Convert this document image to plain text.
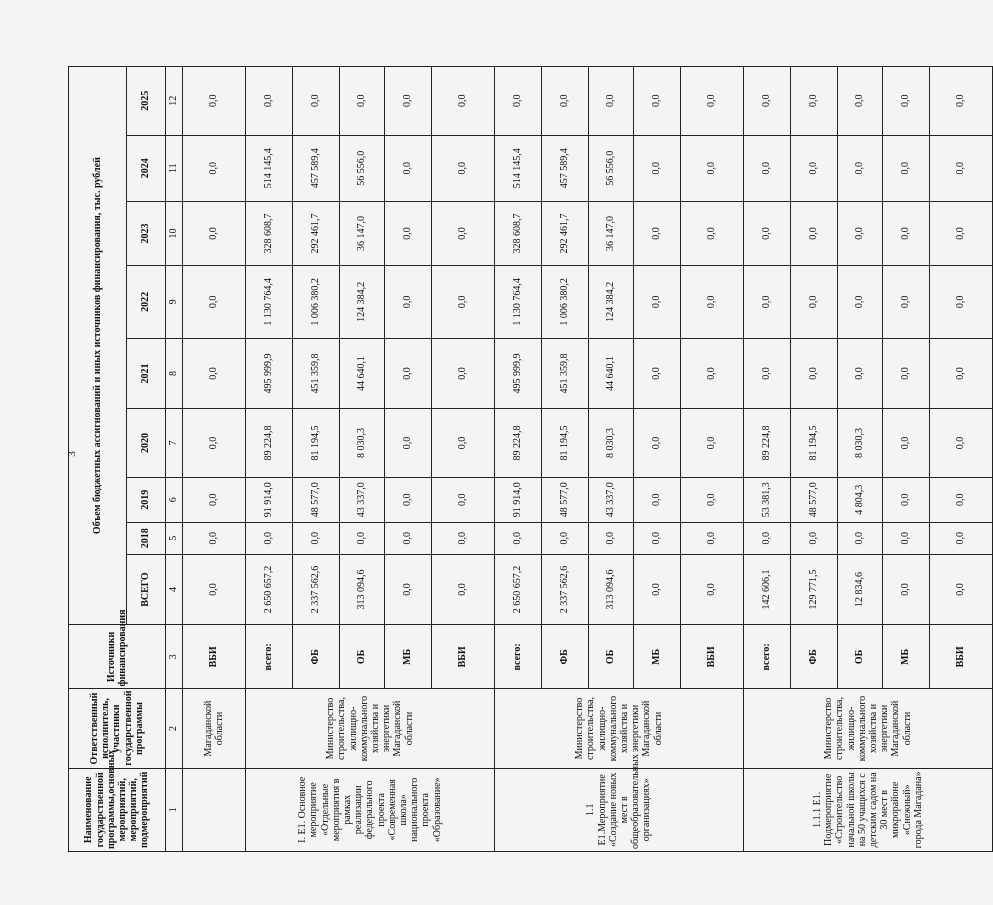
3
Наименование государственной программы,основных мероприятий, мероприятий, подмероприятий	Ответственный исполнитель, участники государственной программы	Источники финансирования	Объем бюджетных ассигнований и иных источников финансирования, тыс. рублей								
			ВСЕГО	2018	2019	2020	2021	2022	2023	2024	2025
1	2	3	4	5	6	7	8	9	10	11	12
	Магаданской области	ВБИ	0,0	0,0	0,0	0,0	0,0	0,0	0,0	0,0	0,0
I. E1. Основное мероприятие «Отдельные мероприятия в рамках реализации федерального проекта «Современная школа» национального проекта «Образование»	Министерство строительства, жилищно-коммунального хозяйства и энергетики Магаданской области	всего:	2 650 657,2	0,0	91 914,0	89 224,8	495 999,9	1 130 764,4	328 608,7	514 145,4	0,0
		ФБ	2 337 562,6	0,0	48 577,0	81 194,5	451 359,8	1 006 380,2	292 461,7	457 589,4	0,0
		ОБ	313 094,6	0,0	43 337,0	8 030,3	44 640,1	124 384,2	36 147,0	56 556,0	0,0
		МБ	0,0	0,0	0,0	0,0	0,0	0,0	0,0	0,0	0,0
		ВБИ	0,0	0,0	0,0	0,0	0,0	0,0	0,0	0,0	0,0
1.1 E1.Мероприятие «Создание новых мест в общеобразовательных организациях»	Министерство строительства, жилищно-коммунального хозяйства и энергетики Магаданской области	всего:	2 650 657,2	0,0	91 914,0	89 224,8	495 999,9	1 130 764,4	328 608,7	514 145,4	0,0
		ФБ	2 337 562,6	0,0	48 577,0	81 194,5	451 359,8	1 006 380,2	292 461,7	457 589,4	0,0
		ОБ	313 094,6	0,0	43 337,0	8 030,3	44 640,1	124 384,2	36 147,0	56 556,0	0,0
		МБ	0,0	0,0	0,0	0,0	0,0	0,0	0,0	0,0	0,0
		ВБИ	0,0	0,0	0,0	0,0	0,0	0,0	0,0	0,0	0,0
1.1.1 E1. Подмероприятие «Строительство начальной школы на 50 учащихся с детским садом на 30 мест в микрорайоне «Снежный» города Магадана»	Министерство строительства, жилищно-коммунального хозяйства и энергетики Магаданской области	всего:	142 606,1	0,0	53 381,3	89 224,8	0,0	0,0	0,0	0,0	0,0
		ФБ	129 771,5	0,0	48 577,0	81 194,5	0,0	0,0	0,0	0,0	0,0
		ОБ	12 834,6	0,0	4 804,3	8 030,3	0,0	0,0	0,0	0,0	0,0
		МБ	0,0	0,0	0,0	0,0	0,0	0,0	0,0	0,0	0,0
		ВБИ	0,0	0,0	0,0	0,0	0,0	0,0	0,0	0,0	0,0
